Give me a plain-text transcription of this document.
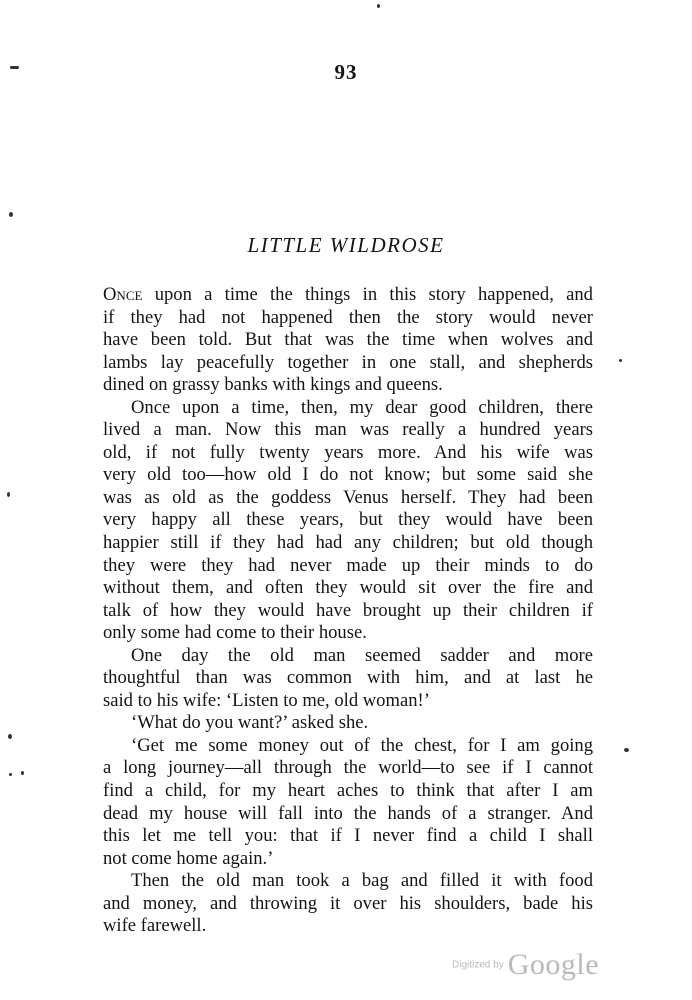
93
LITTLE WILDROSE
Once upon a time the things in this story happened, and
if they had not happened then the story would never
have been told. But that was the time when wolves and
lambs lay peacefully together in one stall, and shepherds
dined on grassy banks with kings and queens.
Once upon a time, then, my dear good children, there
lived a man. Now this man was really a hundred years
old, if not fully twenty years more. And his wife was
very old too—how old I do not know; but some said she
was as old as the goddess Venus herself. They had been
very happy all these years, but they would have been
happier still if they had had any children; but old though
they were they had never made up their minds to do
without them, and often they would sit over the fire and
talk of how they would have brought up their children if
only some had come to their house.
One day the old man seemed sadder and more
thoughtful than was common with him, and at last he
said to his wife: ‘Listen to me, old woman!’
‘What do you want?’ asked she.
‘Get me some money out of the chest, for I am going
a long journey—all through the world—to see if I cannot
find a child, for my heart aches to think that after I am
dead my house will fall into the hands of a stranger. And
this let me tell you: that if I never find a child I shall
not come home again.’
Then the old man took a bag and filled it with food
and money, and throwing it over his shoulders, bade his
wife farewell.
Digitized by Google
